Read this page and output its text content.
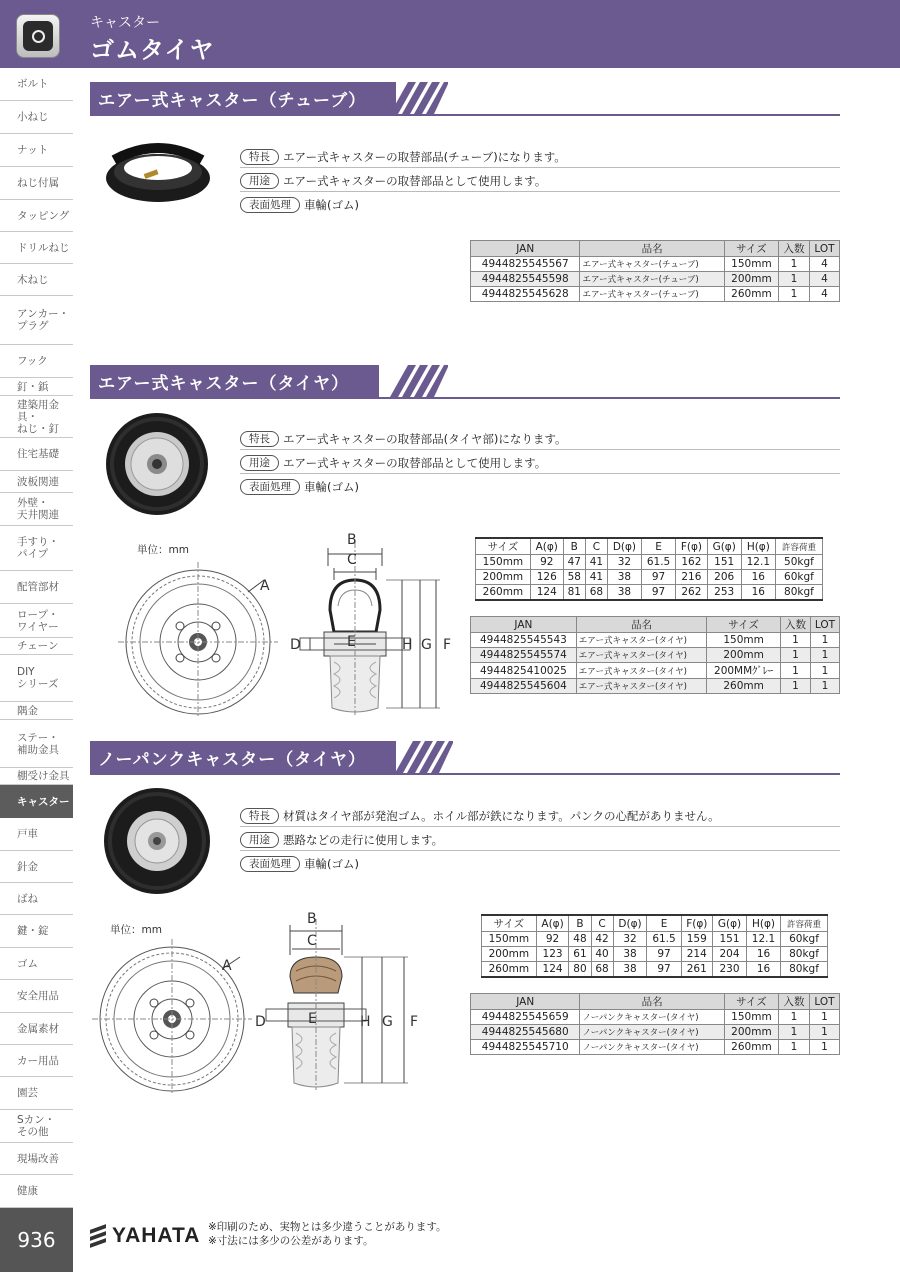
キャスター
ゴムタイヤ
ボルト
小ねじ
ナット
ねじ付属
タッピング
ドリルねじ
木ねじ
アンカー・
プラグ
フック
釘・鋲
建築用金具・
ねじ・釘
住宅基礎
波板関連
外壁・
天井関連
手すり・
パイプ
配管部材
ロープ・
ワイヤー
チェーン
DIY
シリーズ
隅金
ステー・
補助金具
棚受け金具
キャスター
戸車
針金
ばね
鍵・錠
ゴム
安全用品
金属素材
カー用品
園芸
Sカン・
その他
現場改善
健康
936
エアー式キャスター（チューブ）
特長	エアー式キャスターの取替部品(チューブ)になります。
用途	エアー式キャスターの取替部品として使用します。
表面処理	車輪(ゴム)
JAN	品名	サイズ	入数	LOT
4944825545567	エアー式キャスター(チューブ)	150mm	1	4
4944825545598	エアー式キャスター(チューブ)	200mm	1	4
4944825545628	エアー式キャスター(チューブ)	260mm	1	4
エアー式キャスター（タイヤ）
特長	エアー式キャスターの取替部品(タイヤ部)になります。
用途	エアー式キャスターの取替部品として使用します。
表面処理	車輪(ゴム)
単位：mm
A
B
C
D	E	H G F
サイズ	A(φ)	B	C	D(φ)	E	F(φ)	G(φ)	H(φ)	許容荷重
150mm	92	47	41	32	61.5	162	151	12.1	50kgf
200mm	126	58	41	38	97	216	206	16	60kgf
260mm	124	81	68	38	97	262	253	16	80kgf
JAN	品名	サイズ	入数	LOT
4944825545543	エアー式キャスター(タイヤ)	150mm	1	1
4944825545574	エアー式キャスター(タイヤ)	200mm	1	1
4944825410025	エアー式キャスター(タイヤ)	200MMｸﾞﾚｰ	1	1
4944825545604	エアー式キャスター(タイヤ)	260mm	1	1
ノーパンクキャスター（タイヤ）
特長	材質はタイヤ部が発泡ゴム。ホイル部が鉄になります。パンクの心配がありません。
用途	悪路などの走行に使用します。
表面処理	車輪(ゴム)
単位：mm
A
B
C
D	E	H G F
サイズ	A(φ)	B	C	D(φ)	E	F(φ)	G(φ)	H(φ)	許容荷重
150mm	92	48	42	32	61.5	159	151	12.1	60kgf
200mm	123	61	40	38	97	214	204	16	80kgf
260mm	124	80	68	38	97	261	230	16	80kgf
JAN	品名	サイズ	入数	LOT
4944825545659	ノーパンクキャスター(タイヤ)	150mm	1	1
4944825545680	ノーパンクキャスター(タイヤ)	200mm	1	1
4944825545710	ノーパンクキャスター(タイヤ)	260mm	1	1
YAHATA ※印刷のため、実物とは多少違うことがあります。
※寸法には多少の公差があります。
